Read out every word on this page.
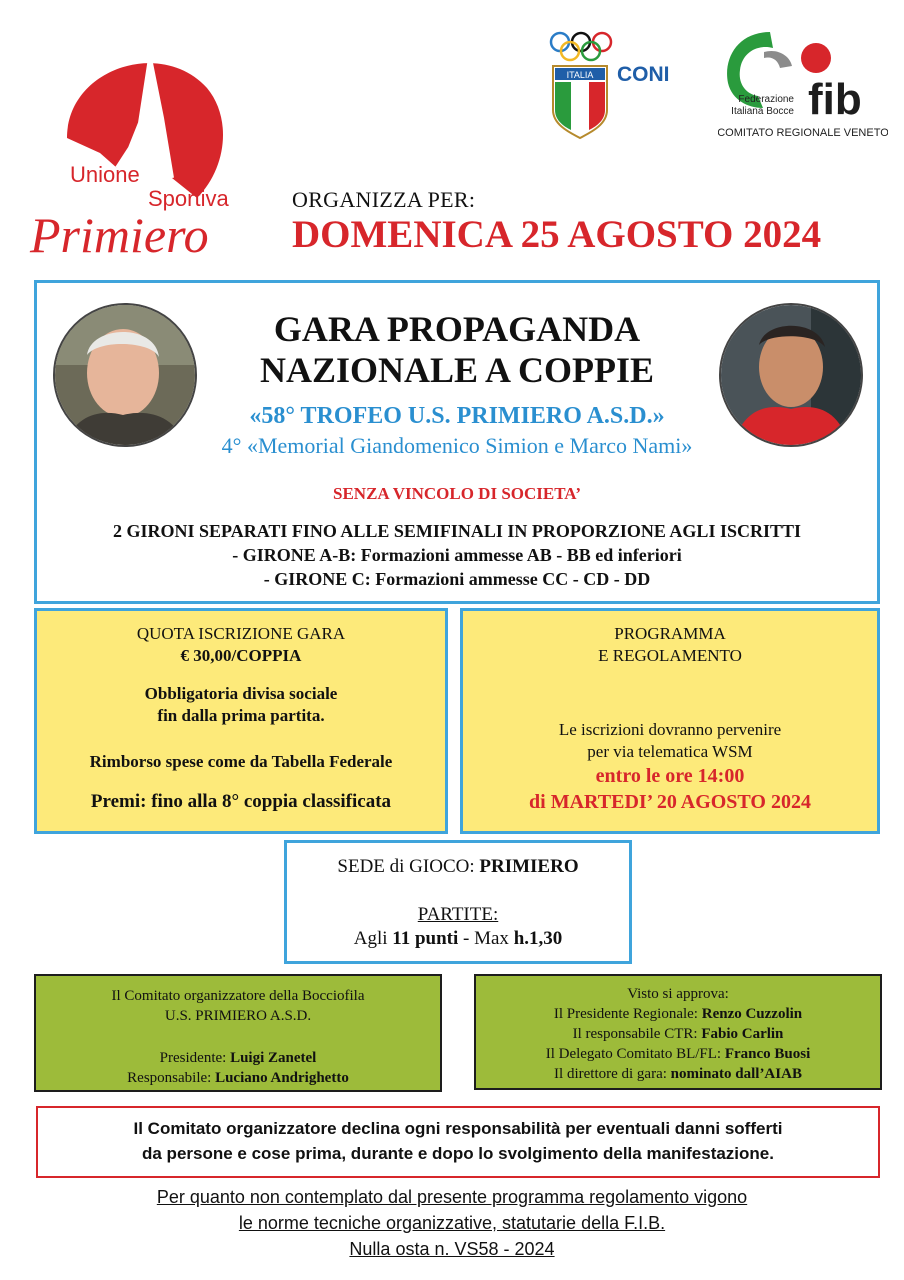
Unione
Sportiva
Primiero
ITALIA CONI
fib
Federazione
Italiana Bocce
COMITATO REGIONALE VENETO
ORGANIZZA PER:
DOMENICA 25 AGOSTO 2024
GARA PROPAGANDA
NAZIONALE A COPPIE
«58° TROFEO U.S. PRIMIERO A.S.D.»
4° «Memorial Giandomenico Simion e Marco Nami»
SENZA VINCOLO DI SOCIETA’
2 GIRONI SEPARATI FINO ALLE SEMIFINALI IN PROPORZIONE AGLI ISCRITTI
- GIRONE A-B: Formazioni ammesse AB - BB ed inferiori
- GIRONE C: Formazioni ammesse CC - CD - DD
QUOTA ISCRIZIONE GARA
€ 30,00/COPPIA
Obbligatoria divisa sociale
fin dalla prima partita.
Rimborso spese come da Tabella Federale
Premi: fino alla 8° coppia classificata
PROGRAMMA
E REGOLAMENTO
Le iscrizioni dovranno pervenire
per via telematica WSM
entro le ore 14:00
di MARTEDI’ 20 AGOSTO 2024
SEDE di GIOCO: PRIMIERO
PARTITE:
Agli 11 punti - Max h.1,30
Il Comitato organizzatore della Bocciofila
U.S. PRIMIERO A.S.D.
Presidente: Luigi Zanetel
Responsabile: Luciano Andrighetto
Visto si approva:
Il Presidente Regionale: Renzo Cuzzolin
Il responsabile CTR: Fabio Carlin
Il Delegato Comitato BL/FL: Franco Buosi
Il direttore di gara: nominato dall’AIAB
Il Comitato organizzatore declina ogni responsabilità per eventuali danni sofferti
da persone e cose prima, durante e dopo lo svolgimento della manifestazione.
Per quanto non contemplato dal presente programma regolamento vigono
le norme tecniche organizzative, statutarie della F.I.B.
Nulla osta n. VS58 - 2024
